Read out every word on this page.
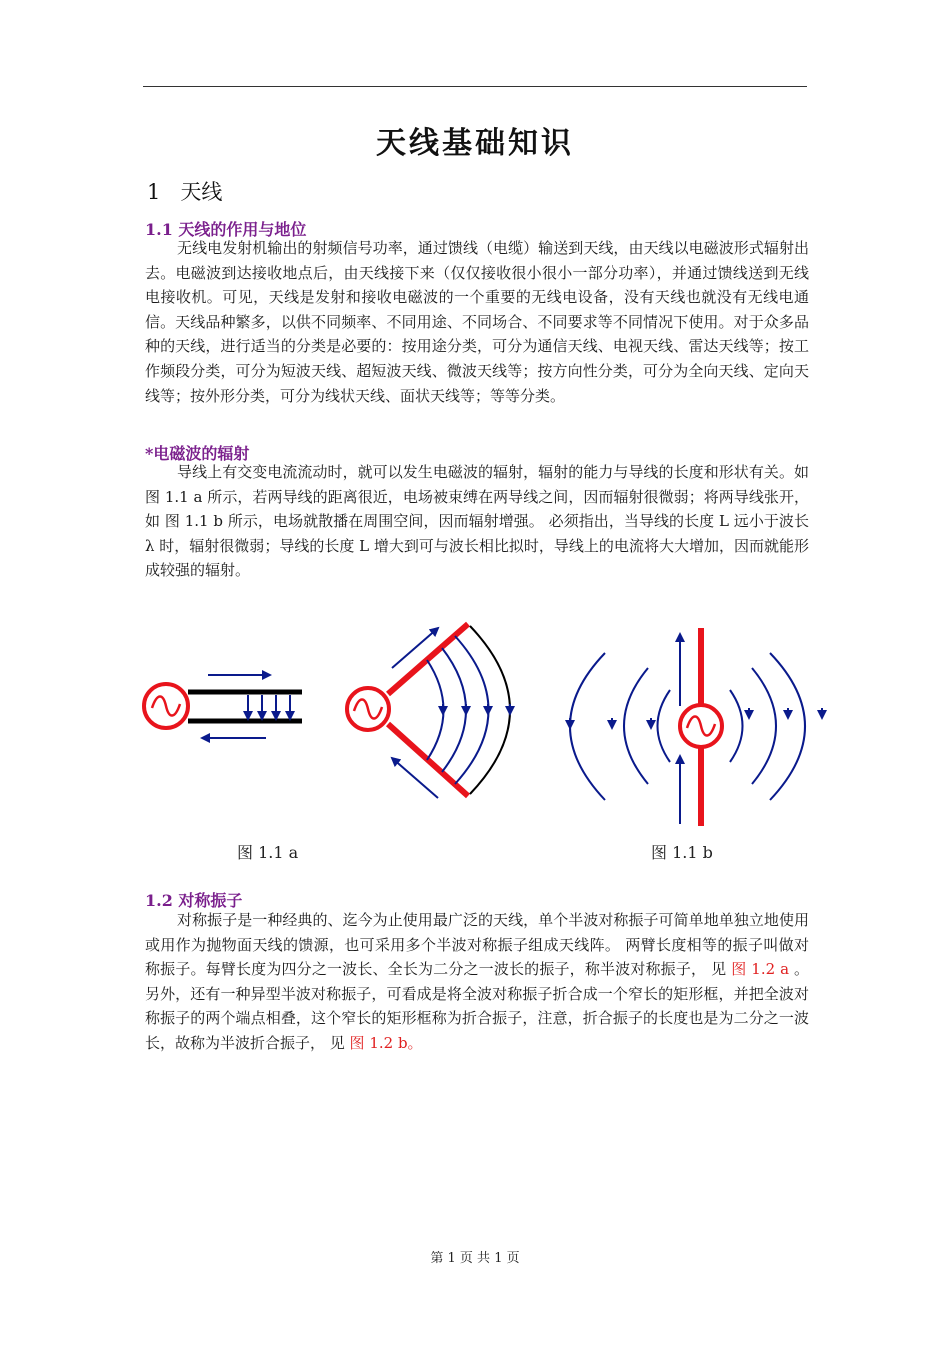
天线基础知识
1 天线
1.1 天线的作用与地位
无线电发射机输出的射频信号功率，通过馈线（电缆）输送到天线，由天线以电磁波形式辐射出去。电磁波到达接收地点后，由天线接下来（仅仅接收很小很小一部分功率），并通过馈线送到无线电接收机。可见，天线是发射和接收电磁波的一个重要的无线电设备，没有天线也就没有无线电通信。天线品种繁多，以供不同频率、不同用途、不同场合、不同要求等不同情况下使用。对于众多品种的天线，进行适当的分类是必要的：按用途分类，可分为通信天线、电视天线、雷达天线等；按工作频段分类，可分为短波天线、超短波天线、微波天线等；按方向性分类，可分为全向天线、定向天线等；按外形分类，可分为线状天线、面状天线等；等等分类。
*电磁波的辐射
导线上有交变电流流动时，就可以发生电磁波的辐射，辐射的能力与导线的长度和形状有关。如 图 1.1 a 所示，若两导线的距离很近，电场被束缚在两导线之间，因而辐射很微弱；将两导线张开，如 图 1.1 b 所示，电场就散播在周围空间，因而辐射增强。 必须指出，当导线的长度 L 远小于波长 λ 时，辐射很微弱；导线的长度 L 增大到可与波长相比拟时，导线上的电流将大大增加，因而就能形成较强的辐射。
图 1.1 a	图 1.1 b
1.2 对称振子
对称振子是一种经典的、迄今为止使用最广泛的天线，单个半波对称振子可简单地单独立地使用或用作为抛物面天线的馈源，也可采用多个半波对称振子组成天线阵。 两臂长度相等的振子叫做对称振子。每臂长度为四分之一波长、全长为二分之一波长的振子，称半波对称振子， 见 图 1.2 a 。另外，还有一种异型半波对称振子，可看成是将全波对称振子折合成一个窄长的矩形框，并把全波对称振子的两个端点相叠，这个窄长的矩形框称为折合振子，注意，折合振子的长度也是为二分之一波长，故称为半波折合振子， 见 图 1.2 b。
第 1 页 共 1 页
